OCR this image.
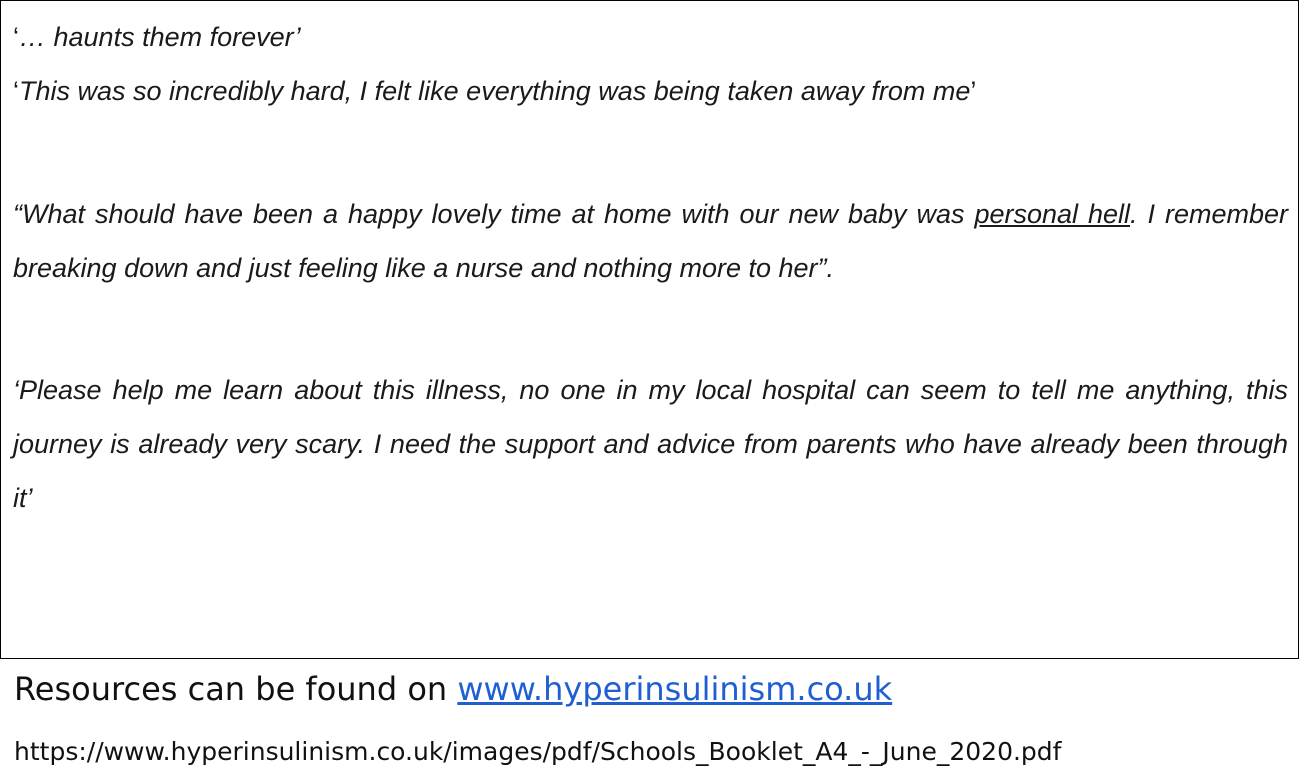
‘… haunts them forever’

‘This was so incredibly hard, I felt like everything was being taken away from me’

“What should have been a happy lovely time at home with our new baby was personal hell. I remember breaking down and just feeling like a nurse and nothing more to her”.

‘Please help me learn about this illness, no one in my local hospital can seem to tell me anything, this journey is already very scary. I need the support and advice from parents who have already been through it’

Resources can be found on www.hyperinsulinism.co.uk

https://www.hyperinsulinism.co.uk/images/pdf/Schools_Booklet_A4_-_June_2020.pdf
